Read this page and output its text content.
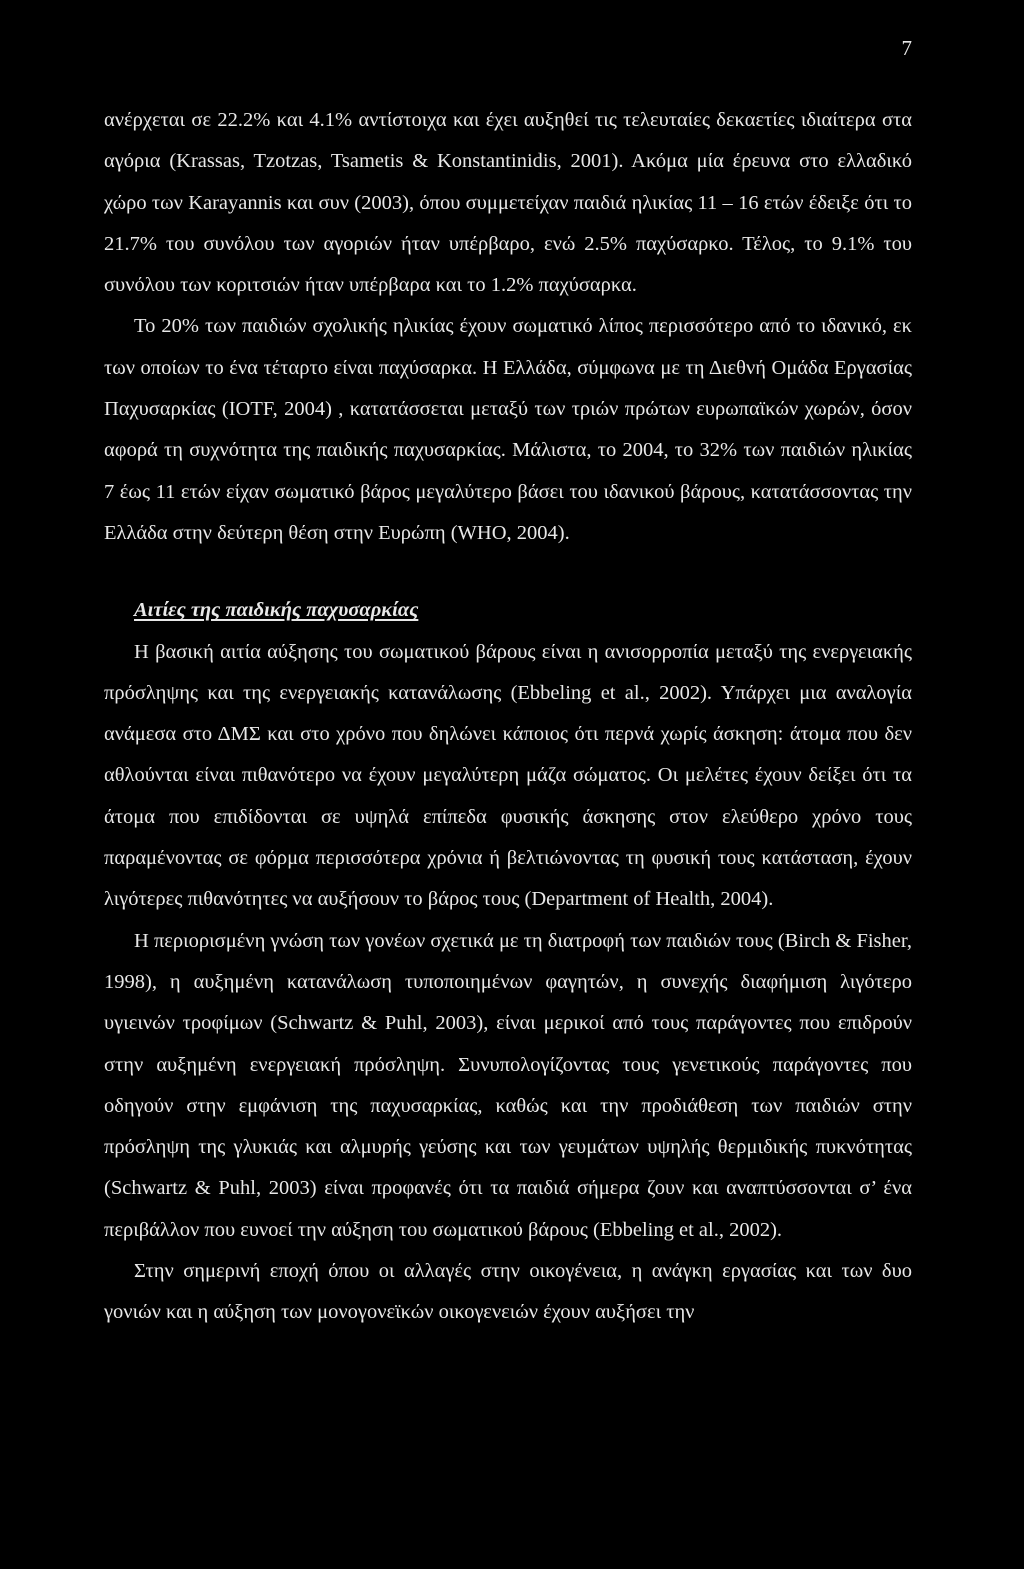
7

ανέρχεται σε 22.2% και 4.1% αντίστοιχα και έχει αυξηθεί τις τελευταίες δεκαετίες ιδιαίτερα στα αγόρια (Krassas, Tzotzas, Tsametis & Konstantinidis, 2001). Ακόμα μία έρευνα στο ελλαδικό χώρο των Karayannis και συν (2003), όπου συμμετείχαν παιδιά ηλικίας 11 – 16 ετών έδειξε ότι το 21.7% του συνόλου των αγοριών ήταν υπέρβαρο, ενώ 2.5% παχύσαρκο. Τέλος, το 9.1% του συνόλου των κοριτσιών ήταν υπέρβαρα και το 1.2% παχύσαρκα.

Το 20% των παιδιών σχολικής ηλικίας έχουν σωματικό λίπος περισσότερο από το ιδανικό, εκ των οποίων το ένα τέταρτο είναι παχύσαρκα. Η Ελλάδα, σύμφωνα με τη Διεθνή Ομάδα Εργασίας Παχυσαρκίας (IOTF, 2004) , κατατάσσεται μεταξύ των τριών πρώτων ευρωπαϊκών χωρών, όσον αφορά τη συχνότητα της παιδικής παχυσαρκίας. Μάλιστα, το 2004, το 32% των παιδιών ηλικίας 7 έως 11 ετών είχαν σωματικό βάρος μεγαλύτερο βάσει του ιδανικού βάρους, κατατάσσοντας την Ελλάδα στην δεύτερη θέση στην Ευρώπη (WHO, 2004).

Αιτίες της παιδικής παχυσαρκίας

Η βασική αιτία αύξησης του σωματικού βάρους είναι η ανισορροπία μεταξύ της ενεργειακής πρόσληψης και της ενεργειακής κατανάλωσης (Ebbeling et al., 2002). Υπάρχει μια αναλογία ανάμεσα στο ΔΜΣ και στο χρόνο που δηλώνει κάποιος ότι περνά χωρίς άσκηση: άτομα που δεν αθλούνται είναι πιθανότερο να έχουν μεγαλύτερη μάζα σώματος. Οι μελέτες έχουν δείξει ότι τα άτομα που επιδίδονται σε υψηλά επίπεδα φυσικής άσκησης στον ελεύθερο χρόνο τους παραμένοντας σε φόρμα περισσότερα χρόνια ή βελτιώνοντας τη φυσική τους κατάσταση, έχουν λιγότερες πιθανότητες να αυξήσουν το βάρος τους (Department of Health, 2004).

Η περιορισμένη γνώση των γονέων σχετικά με τη διατροφή των παιδιών τους (Birch & Fisher, 1998), η αυξημένη κατανάλωση τυποποιημένων φαγητών, η συνεχής διαφήμιση λιγότερο υγιεινών τροφίμων (Schwartz & Puhl, 2003), είναι μερικοί από τους παράγοντες που επιδρούν στην αυξημένη ενεργειακή πρόσληψη. Συνυπολογίζοντας τους γενετικούς παράγοντες που οδηγούν στην εμφάνιση της παχυσαρκίας, καθώς και την προδιάθεση των παιδιών στην πρόσληψη της γλυκιάς και αλμυρής γεύσης και των γευμάτων υψηλής θερμιδικής πυκνότητας (Schwartz & Puhl, 2003) είναι προφανές ότι τα παιδιά σήμερα ζουν και αναπτύσσονται σ’ ένα περιβάλλον που ευνοεί την αύξηση του σωματικού βάρους (Ebbeling et al., 2002).

Στην σημερινή εποχή όπου οι αλλαγές στην οικογένεια, η ανάγκη εργασίας και των δυο γονιών και η αύξηση των μονογονεϊκών οικογενειών έχουν αυξήσει την
